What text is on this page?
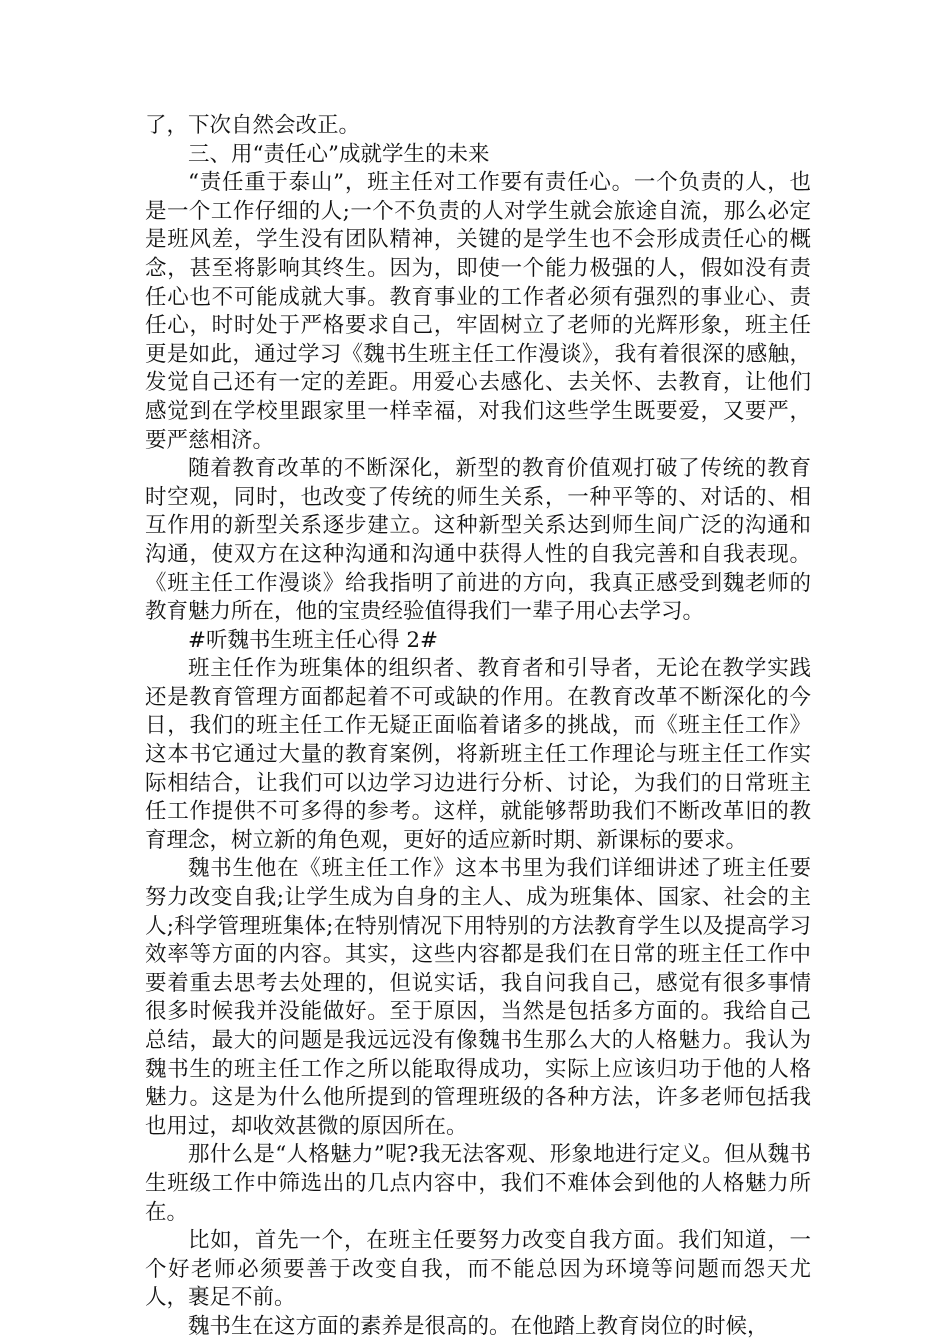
了，下次自然会改正。

三、用“责任心”成就学生的未来

“责任重于泰山”，班主任对工作要有责任心。一个负责的人，也是一个工作仔细的人;一个不负责的人对学生就会旅途自流，那么必定是班风差，学生没有团队精神，关键的是学生也不会形成责任心的概念，甚至将影响其终生。因为，即使一个能力极强的人，假如没有责任心也不可能成就大事。教育事业的工作者必须有强烈的事业心、责任心，时时处于严格要求自己，牢固树立了老师的光辉形象，班主任更是如此，通过学习《魏书生班主任工作漫谈》，我有着很深的感触，发觉自己还有一定的差距。用爱心去感化、去关怀、去教育，让他们感觉到在学校里跟家里一样幸福，对我们这些学生既要爱，又要严，要严慈相济。

随着教育改革的不断深化，新型的教育价值观打破了传统的教育时空观，同时，也改变了传统的师生关系，一种平等的、对话的、相互作用的新型关系逐步建立。这种新型关系达到师生间广泛的沟通和沟通，使双方在这种沟通和沟通中获得人性的自我完善和自我表现。《班主任工作漫谈》给我指明了前进的方向，我真正感受到魏老师的教育魅力所在，他的宝贵经验值得我们一辈子用心去学习。

#听魏书生班主任心得 2#

班主任作为班集体的组织者、教育者和引导者，无论在教学实践还是教育管理方面都起着不可或缺的作用。在教育改革不断深化的今日，我们的班主任工作无疑正面临着诸多的挑战，而《班主任工作》这本书它通过大量的教育案例，将新班主任工作理论与班主任工作实际相结合，让我们可以边学习边进行分析、讨论，为我们的日常班主任工作提供不可多得的参考。这样，就能够帮助我们不断改革旧的教育理念，树立新的角色观，更好的适应新时期、新课标的要求。

魏书生他在《班主任工作》这本书里为我们详细讲述了班主任要努力改变自我;让学生成为自身的主人、成为班集体、国家、社会的主人;科学管理班集体;在特别情况下用特别的方法教育学生以及提高学习效率等方面的内容。其实，这些内容都是我们在日常的班主任工作中要着重去思考去处理的，但说实话，我自问我自己，感觉有很多事情很多时候我并没能做好。至于原因，当然是包括多方面的。我给自己总结，最大的问题是我远远没有像魏书生那么大的人格魅力。我认为魏书生的班主任工作之所以能取得成功，实际上应该归功于他的人格魅力。这是为什么他所提到的管理班级的各种方法，许多老师包括我也用过，却收效甚微的原因所在。

那什么是“人格魅力”呢?我无法客观、形象地进行定义。但从魏书生班级工作中筛选出的几点内容中，我们不难体会到他的人格魅力所在。

比如，首先一个，在班主任要努力改变自我方面。我们知道，一个好老师必须要善于改变自我，而不能总因为环境等问题而怨天尤人，裹足不前。

魏书生在这方面的素养是很高的。在他踏上教育岗位的时候，
